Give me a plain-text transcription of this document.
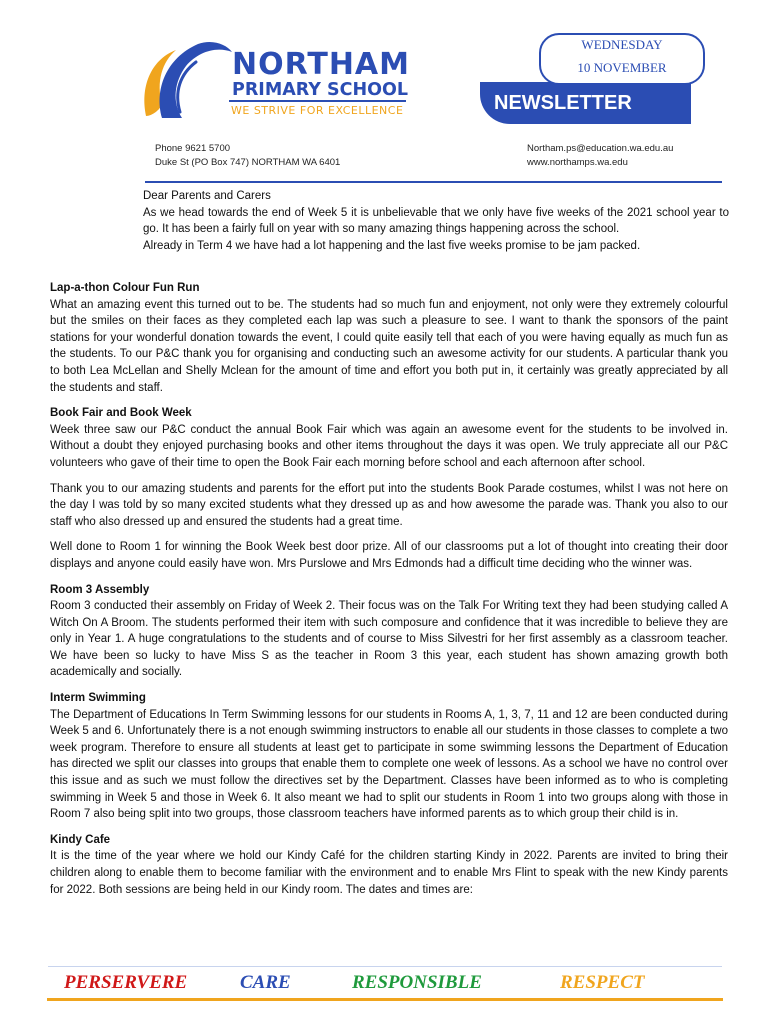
NORTHAM
PRIMARY SCHOOL
WE STRIVE FOR EXCELLENCE
Phone 9621 5700
Duke St (PO Box 747) NORTHAM WA 6401
Northam.ps@education.wa.edu.au
www.northamps.wa.edu
NEWSLETTER
WEDNESDAY
10 NOVEMBER

Dear Parents and Carers

As we head towards the end of Week 5 it is unbelievable that we only have five weeks of the 2021 school year to go. It has been a fairly full on year with so many amazing things happening across the school.

Already in Term 4 we have had a lot happening and the last five weeks promise to be jam packed.

Lap-a-thon Colour Fun Run

What an amazing event this turned out to be. The students had so much fun and enjoyment, not only were they extremely colourful but the smiles on their faces as they completed each lap was such a pleasure to see. I want to thank the sponsors of the paint stations for your wonderful donation towards the event, I could quite easily tell that each of you were having equally as much fun as the students. To our P&C thank you for organising and conducting such an awesome activity for our students. A particular thank you to both Lea McLellan and Shelly Mclean for the amount of time and effort you both put in, it certainly was greatly appreciated by all the students and staff.

Book Fair and Book Week

Week three saw our P&C conduct the annual Book Fair which was again an awesome event for the students to be involved in. Without a doubt they enjoyed purchasing books and other items throughout the days it was open. We truly appreciate all our P&C volunteers who gave of their time to open the Book Fair each morning before school and each afternoon after school.

Thank you to our amazing students and parents for the effort put into the students Book Parade costumes, whilst I was not here on the day I was told by so many excited students what they dressed up as and how awesome the parade was. Thank you also to our staff who also dressed up and ensured the students had a great time.

Well done to Room 1 for winning the Book Week best door prize. All of our classrooms put a lot of thought into creating their door displays and anyone could easily have won. Mrs Purslowe and Mrs Edmonds had a difficult time deciding who the winner was.

Room 3 Assembly

Room 3 conducted their assembly on Friday of Week 2. Their focus was on the Talk For Writing text they had been studying called A Witch On A Broom. The students performed their item with such composure and confidence that it was incredible to believe they are only in Year 1. A huge congratulations to the students and of course to Miss Silvestri for her first assembly as a classroom teacher. We have been so lucky to have Miss S as the teacher in Room 3 this year, each student has shown amazing growth both academically and socially.

Interm Swimming

The Department of Educations In Term Swimming lessons for our students in Rooms A, 1, 3, 7, 11 and 12 are been conducted during Week 5 and 6. Unfortunately there is a not enough swimming instructors to enable all our students in those classes to complete a two week program. Therefore to ensure all students at least get to participate in some swimming lessons the Department of Education has directed we split our classes into groups that enable them to complete one week of lessons. As a school we have no control over this issue and as such we must follow the directives set by the Department. Classes have been informed as to who is completing swimming in Week 5 and those in Week 6. It also meant we had to split our students in Room 1 into two groups along with those in Room 7 also being split into two groups, those classroom teachers have informed parents as to which group their child is in.

Kindy Cafe

It is the time of the year where we hold our Kindy Café for the children starting Kindy in 2022. Parents are invited to bring their children along to enable them to become familiar with the environment and to enable Mrs Flint to speak with the new Kindy parents for 2022. Both sessions are being held in our Kindy room. The dates and times are:

PERSERVERE	CARE	RESPONSIBLE	RESPECT
